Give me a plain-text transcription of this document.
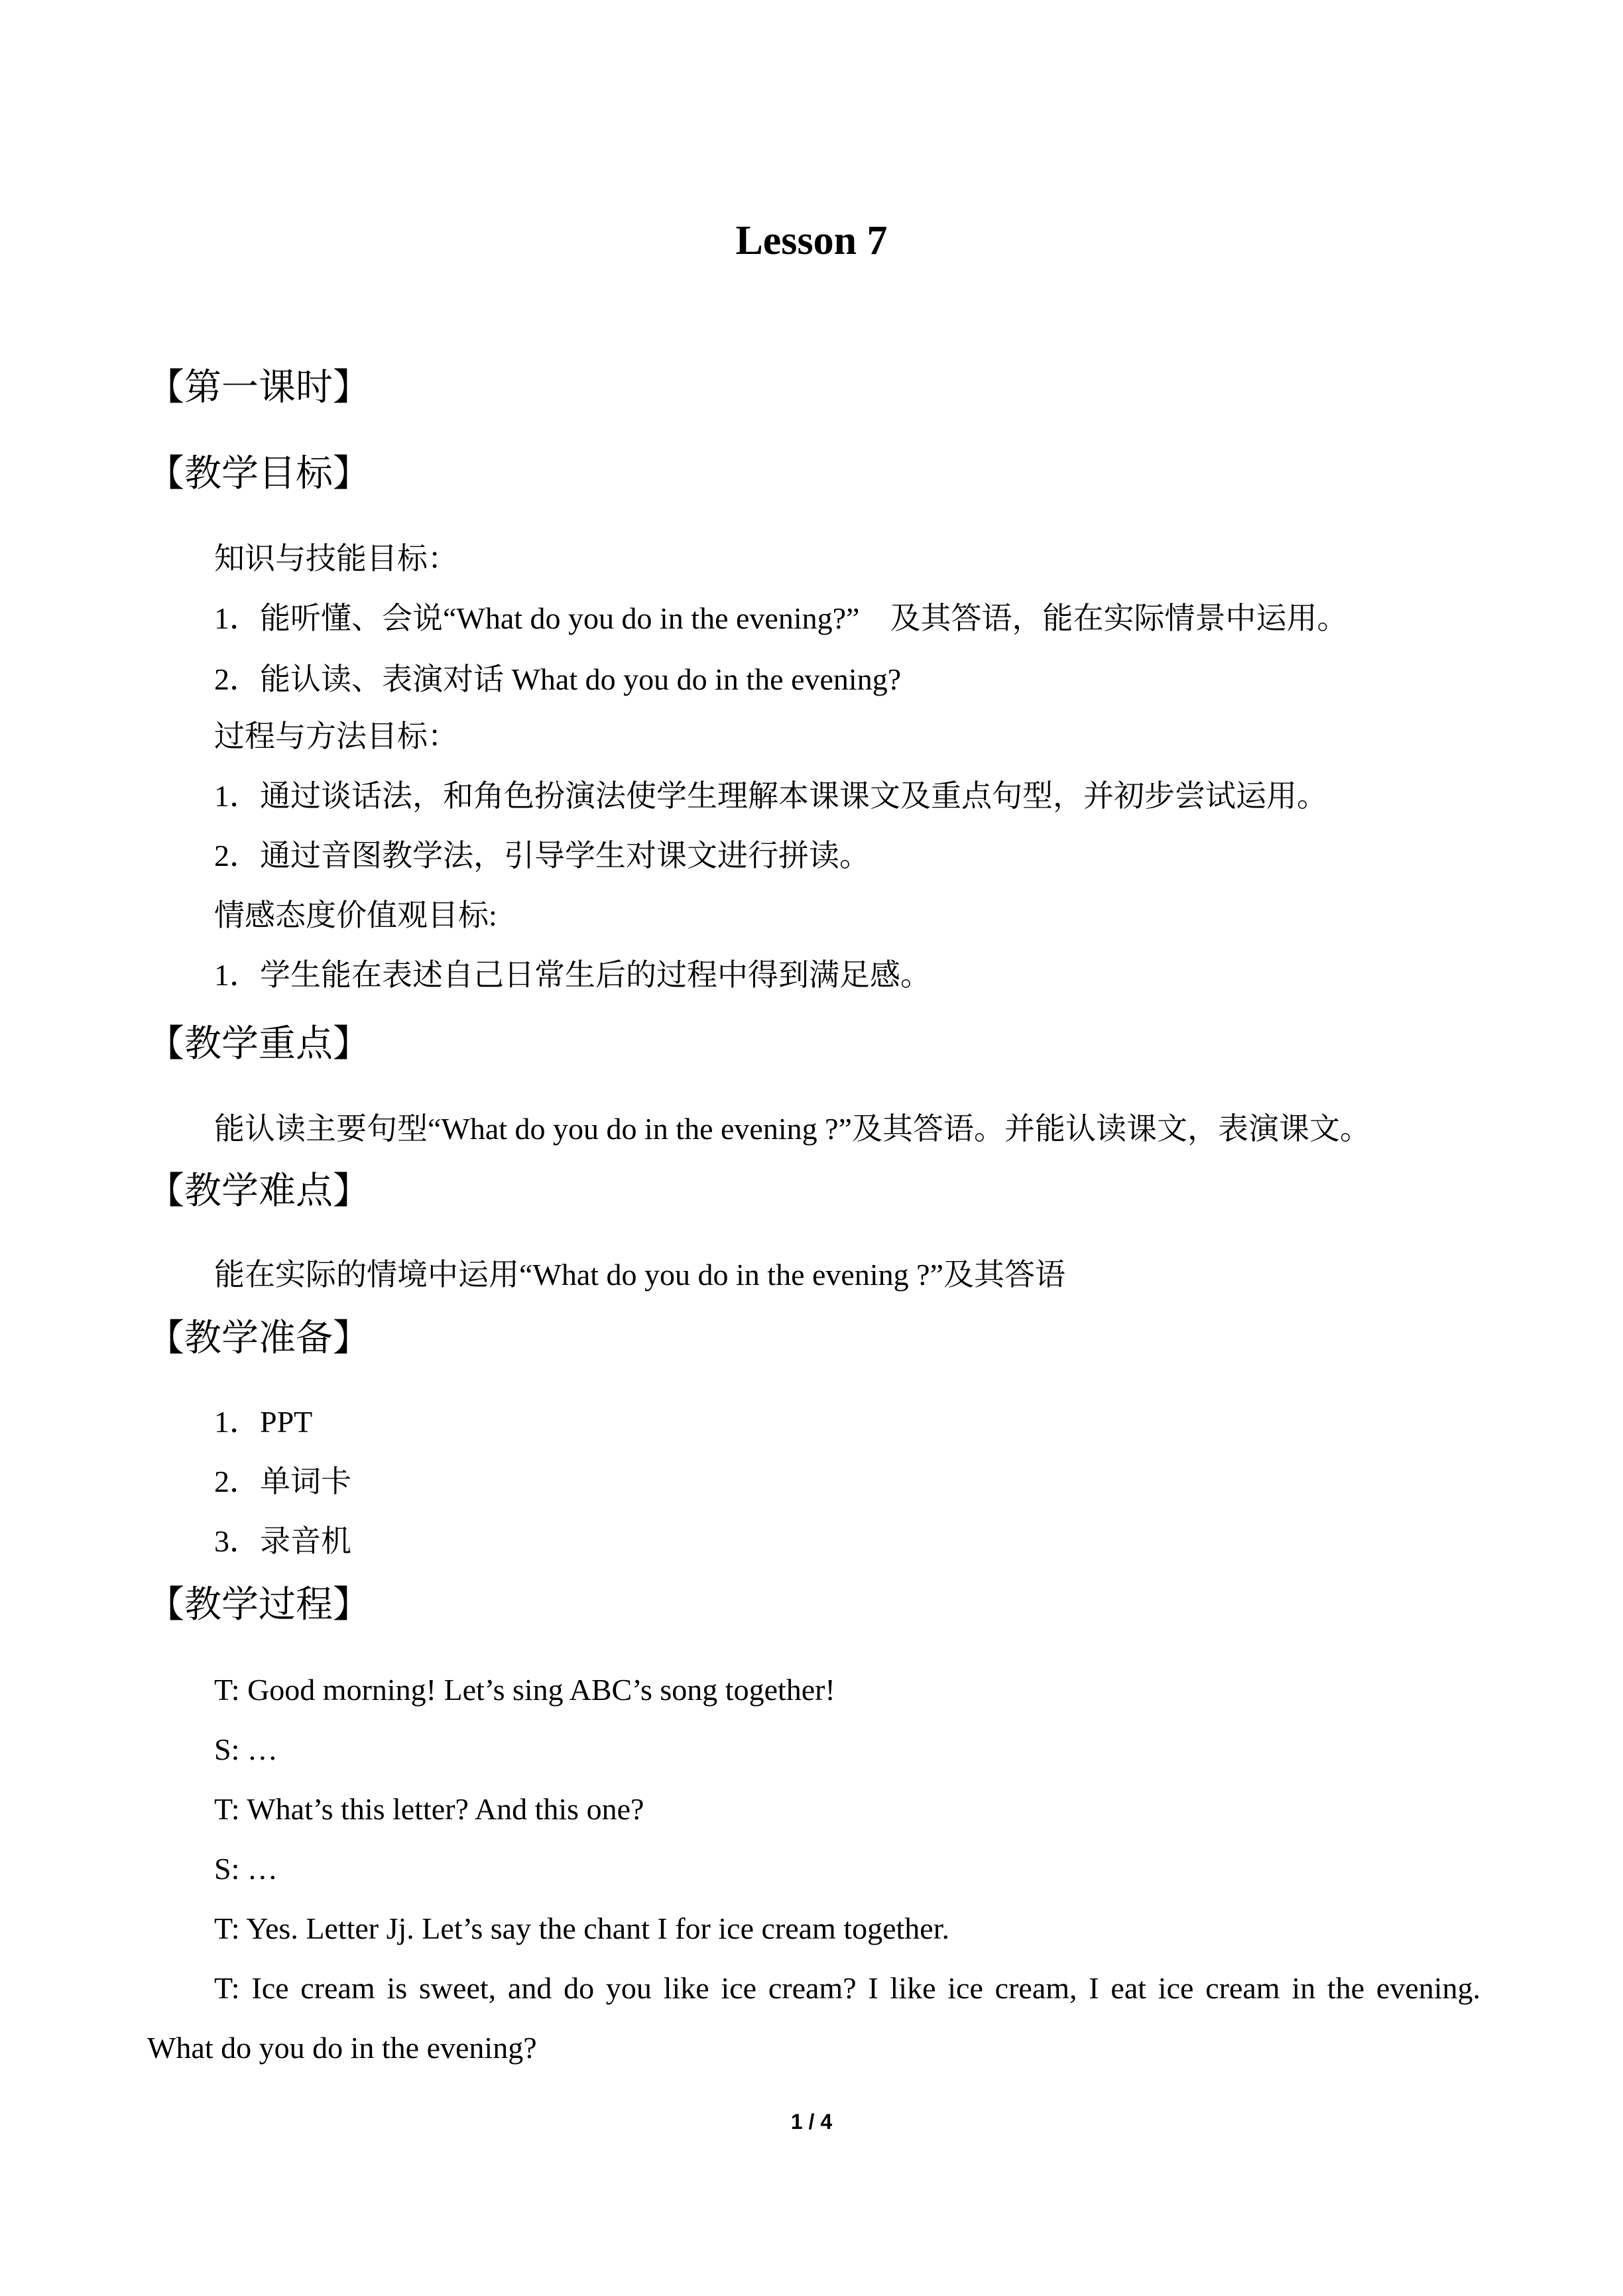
Lesson 7
【第一课时】
【教学目标】
知识与技能目标：
1．能听懂、会说“What do you do in the evening?”　及其答语，能在实际情景中运用。
2．能认读、表演对话 What do you do in the evening?
过程与方法目标：
1．通过谈话法，和角色扮演法使学生理解本课课文及重点句型，并初步尝试运用。
2．通过音图教学法，引导学生对课文进行拼读。
情感态度价值观目标:
1．学生能在表述自己日常生后的过程中得到满足感。
【教学重点】
能认读主要句型“What do you do in the evening ?”及其答语。并能认读课文，表演课文。
【教学难点】
能在实际的情境中运用“What do you do in the evening ?”及其答语
【教学准备】
1．PPT
2．单词卡
3．录音机
【教学过程】
T: Good morning! Let’s sing ABC’s song together!
S: …
T: What’s this letter? And this one?
S: …
T: Yes. Letter Jj. Let’s say the chant I for ice cream together.
T: Ice cream is sweet, and do you like ice cream? I like ice cream, I eat ice cream in the evening.
What do you do in the evening?
1 / 4
